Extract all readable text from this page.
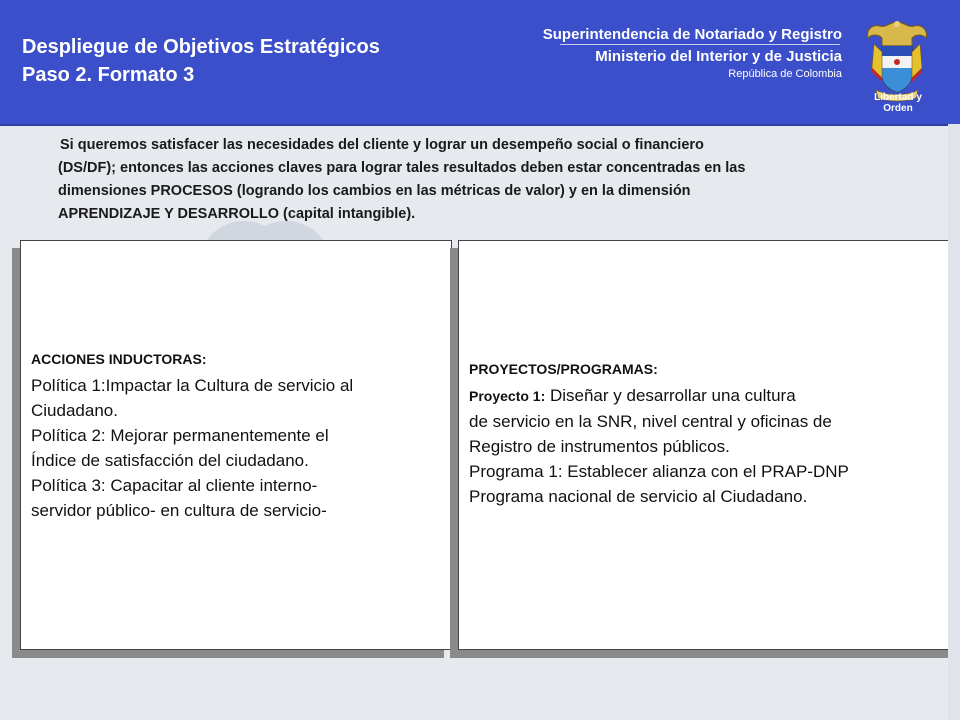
Despliegue de Objetivos Estratégicos
Paso 2. Formato 3
Superintendencia de Notariado y Registro
Ministerio del Interior y de Justicia
República de Colombia
Libertad y Orden
Si queremos satisfacer las necesidades del cliente y lograr un desempeño social o financiero
(DS/DF); entonces las acciones claves para lograr tales resultados deben estar concentradas en las
dimensiones PROCESOS (logrando los cambios en las métricas de valor) y en la dimensión
APRENDIZAJE Y DESARROLLO (capital intangible).
ACCIONES INDUCTORAS:
Política 1:Impactar la Cultura de servicio al
Ciudadano.
Política 2: Mejorar permanentemente el
Índice de satisfacción del ciudadano.
Política 3: Capacitar al cliente interno-
servidor público- en cultura de servicio-
PROYECTOS/PROGRAMAS:
Proyecto 1: Diseñar y desarrollar una cultura
de servicio en la SNR, nivel central y oficinas de
Registro de instrumentos públicos.
Programa 1: Establecer alianza con el PRAP-DNP
Programa nacional de servicio al Ciudadano.
